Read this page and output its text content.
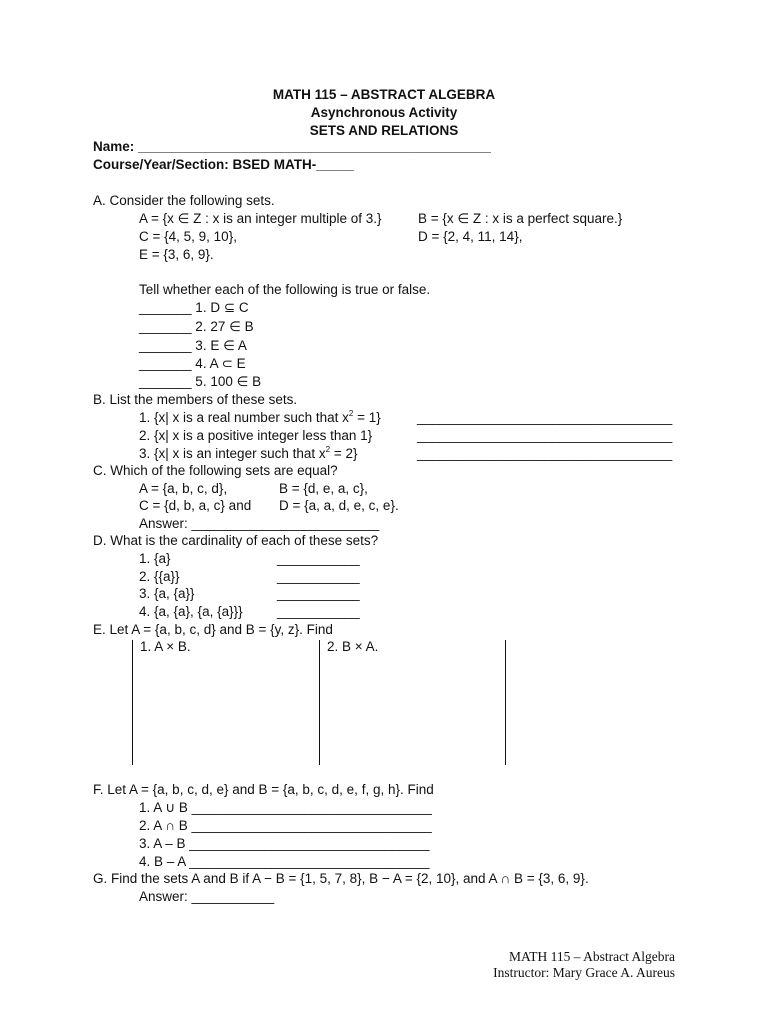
MATH 115 – ABSTRACT ALGEBRA
Asynchronous Activity
SETS AND RELATIONS
Name: _______________________________________________
Course/Year/Section: BSED MATH-_____
A. Consider the following sets.
A = {x ∈ Z : x is an integer multiple of 3.}	B = {x ∈ Z : x is a perfect square.}
C = {4, 5, 9, 10},	D = {2, 4, 11, 14},
E = {3, 6, 9}.
Tell whether each of the following is true or false.
_______ 1. D ⊆ C
_______ 2. 27 ∈ B
_______ 3. E ∈ A
_______ 4. A ⊂ E
_______ 5. 100 ∈ B
B. List the members of these sets.
1. {x| x is a real number such that $x^2 = 1$}	__________________________________
2. {x| x is a positive integer less than 1}	__________________________________
3. {x| x is an integer such that $x^2 = 2$}	__________________________________
C. Which of the following sets are equal?
A = {a, b, c, d},	B = {d, e, a, c},
C = {d, b, a, c} and D = {a, a, d, e, c, e}.
Answer: _________________________
D. What is the cardinality of each of these sets?
1. {a}	___________
2. {{a}}	___________
3. {a, {a}}	___________
4. {a, {a}, {a, {a}}}	___________
E. Let A = {a, b, c, d} and B = {y, z}. Find
1. A × B.	2. B × A.
F. Let A = {a, b, c, d, e} and B = {a, b, c, d, e, f, g, h}. Find
1. A ∪ B ________________________________
2. A ∩ B ________________________________
3. A – B ________________________________
4. B – A ________________________________
G. Find the sets A and B if A − B = {1, 5, 7, 8}, B − A = {2, 10}, and A ∩ B = {3, 6, 9}.
Answer: ___________
MATH 115 – Abstract Algebra
Instructor: Mary Grace A. Aureus
